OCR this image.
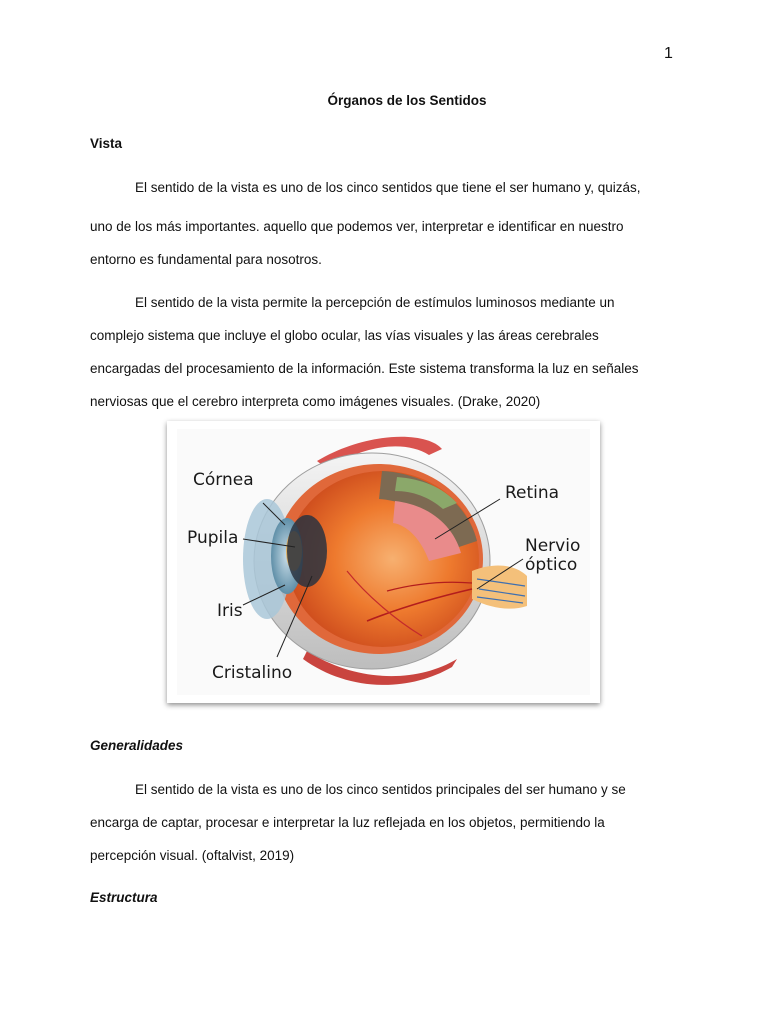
1
Órganos de los Sentidos
Vista
El sentido de la vista es uno de los cinco sentidos que tiene el ser humano y, quizás,
uno de los más importantes. aquello que podemos ver, interpretar e identificar en nuestro
entorno es fundamental para nosotros.
El sentido de la vista permite la percepción de estímulos luminosos mediante un
complejo sistema que incluye el globo ocular, las vías visuales y las áreas cerebrales
encargadas del procesamiento de la información. Este sistema transforma la luz en señales
nerviosas que el cerebro interpreta como imágenes visuales. (Drake, 2020)
Córnea
Pupila
Iris
Cristalino
Retina
Nervio
óptico
Generalidades
El sentido de la vista es uno de los cinco sentidos principales del ser humano y se
encarga de captar, procesar e interpretar la luz reflejada en los objetos, permitiendo la
percepción visual. (oftalvist, 2019)
Estructura
